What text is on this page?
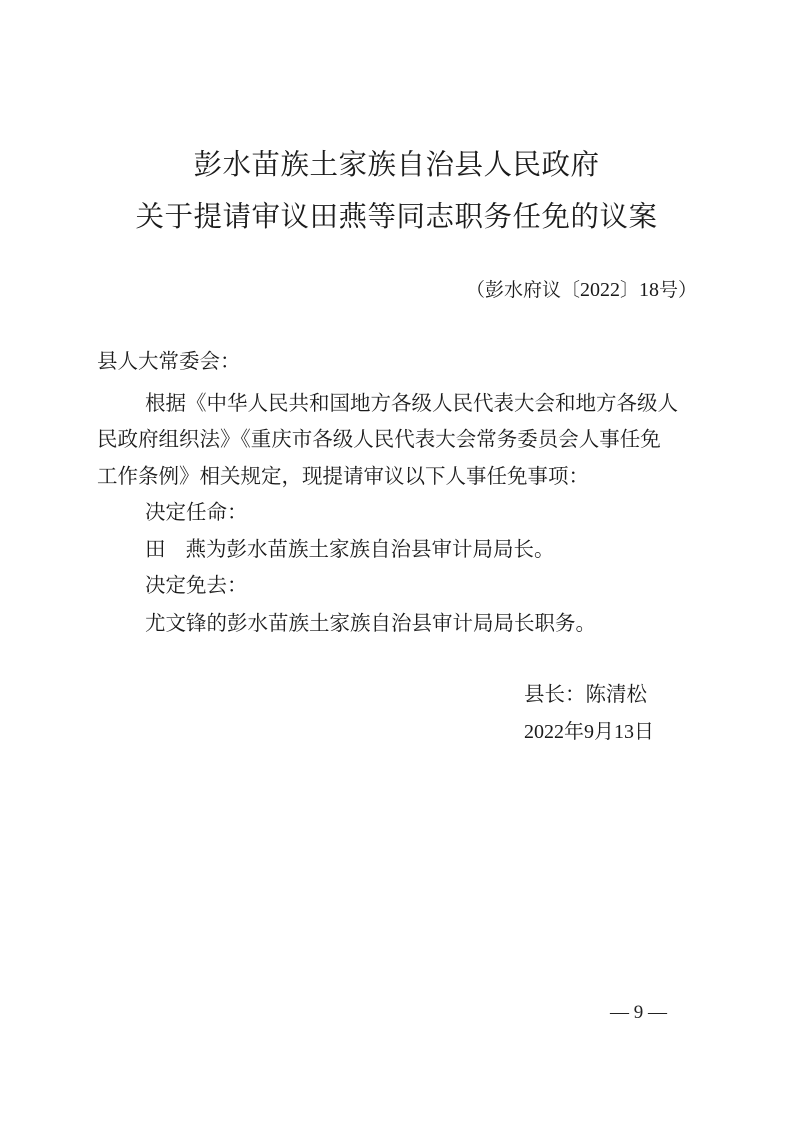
彭水苗族土家族自治县人民政府
关于提请审议田燕等同志职务任免的议案
（彭水府议〔2022〕18号）
县人大常委会：
根据《中华人民共和国地方各级人民代表大会和地方各级人
民政府组织法》《重庆市各级人民代表大会常务委员会人事任免
工作条例》相关规定，现提请审议以下人事任免事项：
决定任命：
田 燕为彭水苗族土家族自治县审计局局长。
决定免去：
尤文锋的彭水苗族土家族自治县审计局局长职务。
县长：陈清松
2022年9月13日
— 9 —
